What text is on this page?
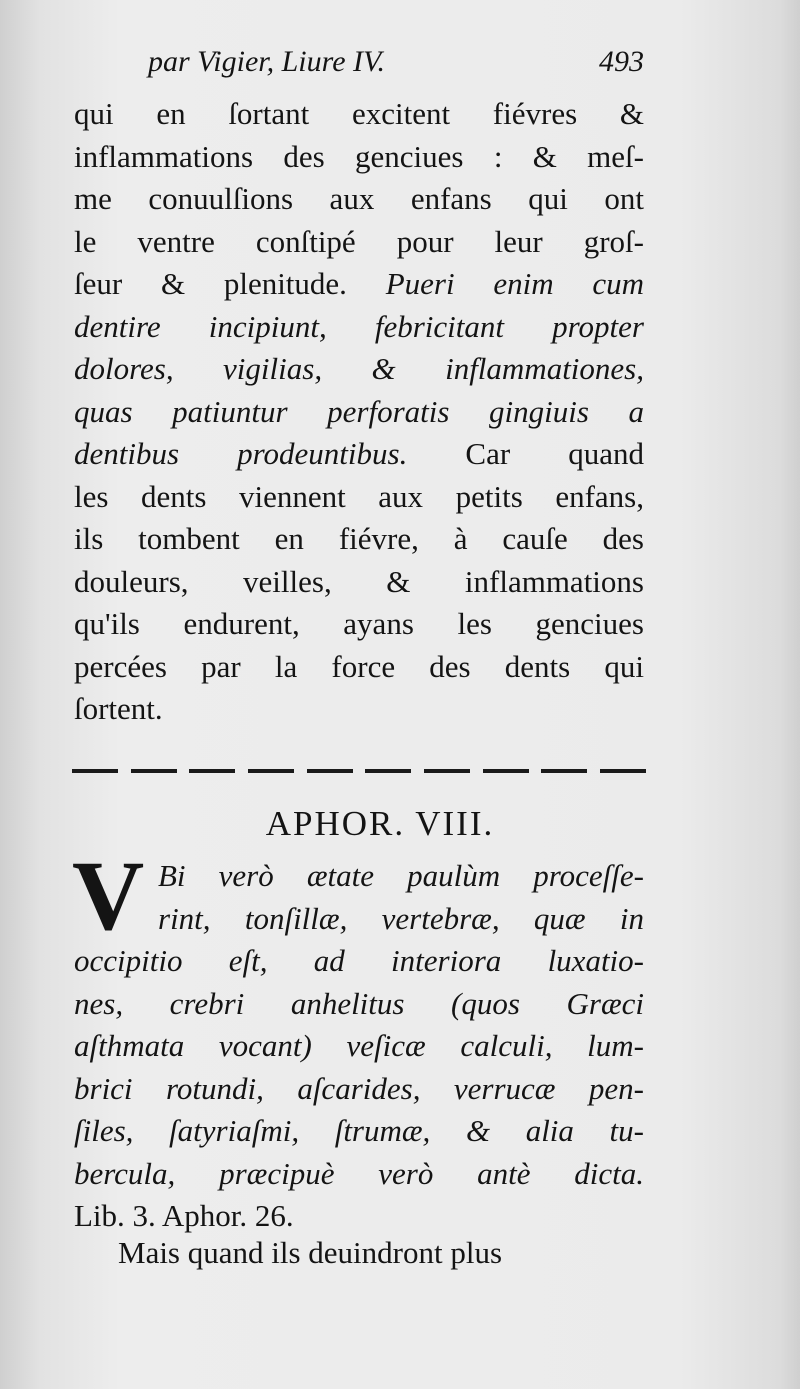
par Vigier, Liure IV.	493
qui en ſortant excitent fiévres &
inflammations des genciues : & meſ-
me conuulſions aux enfans qui ont
le ventre conſtipé pour leur groſ-
ſeur & plenitude. Pueri enim cum
dentire incipiunt, febricitant propter
dolores, vigilias, & inflammationes,
quas patiuntur perforatis gingiuis a
dentibus prodeuntibus. Car quand
les dents viennent aux petits enfans,
ils tombent en fiévre, à cauſe des
douleurs, veilles, & inflammations
qu'ils endurent, ayans les genciues
percées par la force des dents qui
ſortent.
APHOR. VIII.
V Bi verò ætate paulùm proceſſe-
rint, tonſillæ, vertebræ, quæ in
occipitio eſt, ad interiora luxatio-
nes, crebri anhelitus (quos Græci
aſthmata vocant) veſicæ calculi, lum-
brici rotundi, aſcarides, verrucæ pen-
ſiles, ſatyriaſmi, ſtrumæ, & alia tu-
bercula, præcipuè verò antè dicta.
Lib. 3. Aphor. 26.
Mais quand ils deuindront plus
